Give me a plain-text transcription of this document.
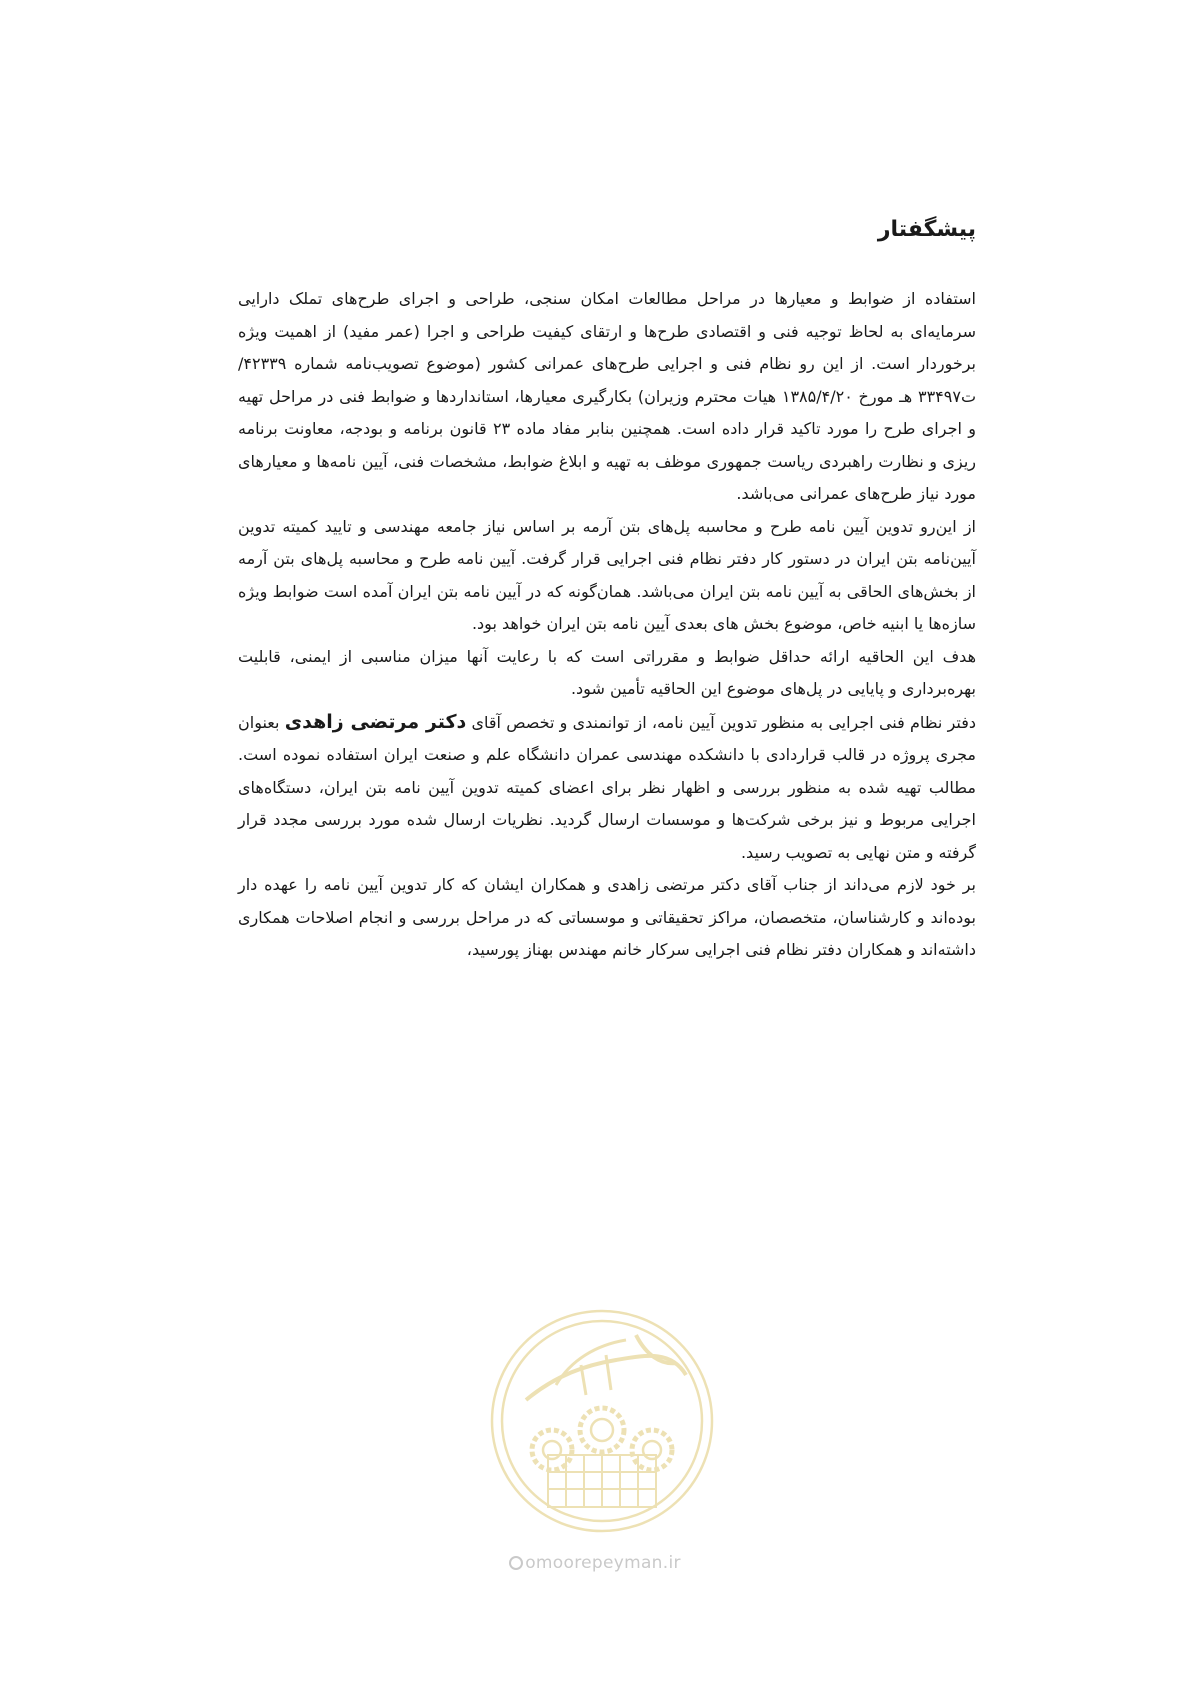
پیشگفتار

استفاده از ضوابط و معیارها در مراحل مطالعات امکان سنجی، طراحی و اجرای طرح‌های تملک دارایی سرمایه‌ای به لحاظ توجیه فنی و اقتصادی طرح‌ها و ارتقای کیفیت طراحی و اجرا (عمر مفید) از اهمیت ویژه برخوردار است. از این رو نظام فنی و اجرایی طرح‌های عمرانی کشور (موضوع تصویب‌نامه شماره ۴۲۳۳۹/ت۳۳۴۹۷ هـ مورخ ۱۳۸۵/۴/۲۰ هیات محترم وزیران) بکارگیری معیارها، استانداردها و ضوابط فنی در مراحل تهیه و اجرای طرح را مورد تاکید قرار داده است. همچنین بنابر مفاد ماده ۲۳ قانون برنامه و بودجه، معاونت برنامه ریزی و نظارت راهبردی ریاست جمهوری موظف به تهیه و ابلاغ ضوابط، مشخصات فنی، آیین نامه‌ها و معیارهای مورد نیاز طرح‌های عمرانی می‌باشد.

از این‌رو تدوین آیین نامه طرح و محاسبه پل‌های بتن آرمه بر اساس نیاز جامعه مهندسی و تایید کمیته تدوین آیین‌نامه بتن ایران در دستور کار دفتر نظام فنی اجرایی قرار گرفت. آیین نامه طرح و محاسبه پل‌های بتن آرمه از بخش‌های الحاقی به آیین نامه بتن ایران می‌باشد. همان‌گونه که در آیین نامه بتن ایران آمده است ضوابط ویژه سازه‌ها یا ابنیه خاص، موضوع بخش های بعدی آیین نامه بتن ایران خواهد بود.

هدف این الحاقیه ارائه حداقل ضوابط و مقرراتی است که با رعایت آنها میزان مناسبی از ایمنی، قابلیت بهره‌برداری و پایایی در پل‌های موضوع این الحاقیه تأمین شود.

دفتر نظام فنی اجرایی به منظور تدوین آیین نامه، از توانمندی و تخصص آقای دکتر مرتضی زاهدی بعنوان مجری پروژه در قالب قراردادی با دانشکده مهندسی عمران دانشگاه علم و صنعت ایران استفاده نموده است. مطالب تهیه شده به منظور بررسی و اظهار نظر برای اعضای کمیته تدوین آیین نامه بتن ایران، دستگاه‌های اجرایی مربوط و نیز برخی شرکت‌ها و موسسات ارسال گردید. نظریات ارسال شده مورد بررسی مجدد قرار گرفته و متن نهایی به تصویب رسید.

بر خود لازم می‌داند از جناب آقای دکتر مرتضی زاهدی و همکاران ایشان که کار تدوین آیین نامه را عهده دار بوده‌اند و کارشناسان، متخصصان، مراکز تحقیقاتی و موسساتی که در مراحل بررسی و انجام اصلاحات همکاری داشته‌اند و همکاران دفتر نظام فنی اجرایی سرکار خانم مهندس بهناز پورسید،

omoorepeyman.ir
